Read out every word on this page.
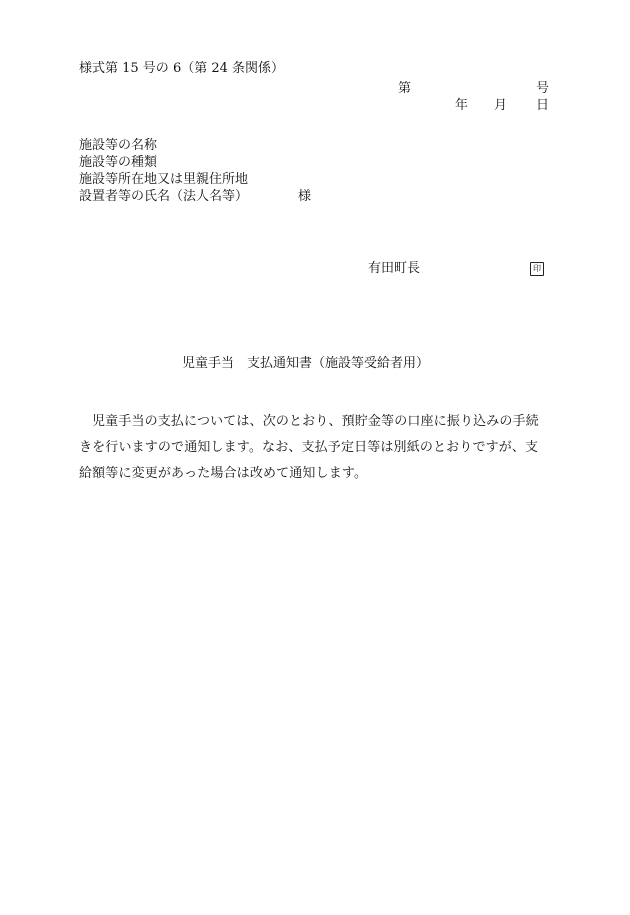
様式第 15 号の 6（第 24 条関係）
第	号
年 月 日
施設等の名称
施設等の種類
施設等所在地又は里親住所地
設置者等の氏名（法人名等）	様
有田町長	印
児童手当　支払通知書（施設等受給者用）
児童手当の支払については、次のとおり、預貯金等の口座に振り込みの手続きを行いますので通知します。なお、支払予定日等は別紙のとおりですが、支給額等に変更があった場合は改めて通知します。
